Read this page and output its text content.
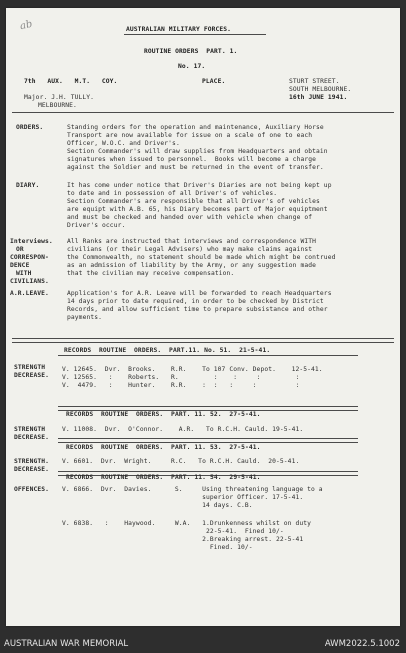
ab	AUSTRALIAN MILITARY FORCES.
ROUTINE ORDERS  PART. 1.
No. 17.
7th   AUX.   M.T.   COY.	PLACE.	STURT STREET.
SOUTH MELBOURNE.
16th JUNE 1941.
Major. J.H. TULLY.
MELBOURNE.
ORDERS.	Standing orders for the operation and maintenance, Auxiliary Horse
Transport are now available for issue on a scale of one to each
Officer, W.O.C. and Driver's.
Section Commander's will draw supplies from Headquarters and obtain
signatures when issued to personnel.  Books will become a charge
against the Soldier and must be returned in the event of transfer.
DIARY.	It has come under notice that Driver's Diaries are not being kept up
to date and in possession of all Driver's of vehicles.
Section Commander's are responsible that all Driver's of vehicles
are equipt with A.B. 65, his Diary becomes part of Major equiptment
and must be checked and handed over with vehicle when change of
Driver's occur.
Interviews.
OR
CORRESPON-
DENCE
WITH
CIVILIANS.
All Ranks are instructed that interviews and correspondence WITH
civilians (or their Legal Advisers) who may make claims against
the Commonwealth, no statement should be made which might be contrued
as an admission of liability by the Army, or any suggestion made
that the civilian may receive compensation.
A.R.LEAVE.	Application's for A.R. Leave will be forwarded to reach Headquarters
14 days prior to date required, in order to be checked by District
Records, and allow sufficient time to prepare subsistance and other
payments.
RECORDS  ROUTINE  ORDERS.  PART.11. No. 51.  21-5-41.
STRENGTH
DECREASE.
V. 12645.  Dvr.  Brooks.    R.R.    To 107 Conv. Depot.    12-5-41.
V. 12565.   :    Roberts.   R.         :    :     :         :
V.  4479.   :    Hunter.    R.R.    :  :   :     :          :
RECORDS  ROUTINE  ORDERS.  PART. 11. 52.  27-5-41.
STRENGTH
DECREASE.
V. 11008.  Dvr.  O'Connor.    A.R.   To R.C.H. Cauld. 19-5-41.
RECORDS  ROUTINE  ORDERS.  PART. 11. 53.  27-5-41.
STRENGTH.
DECREASE.
V. 6601.  Dvr.  Wright.     R.C.   To R.C.H. Cauld.  20-5-41.
RECORDS  ROUTINE  ORDERS.  PART. 11. 54.  29-5-41.
OFFENCES. V. 6866.  Dvr.  Davies.      S.     Using threatening language to a
superior Officer. 17-5-41.
14 days. C.B.
V. 6838.   :    Haywood.     W.A.   1.Drunkenness whilst on duty
22-5-41.  Fined 10/-
2.Breaking arrest. 22-5-41
Fined. 10/-
AUSTRALIAN WAR MEMORIAL	AWM2022.5.1002
